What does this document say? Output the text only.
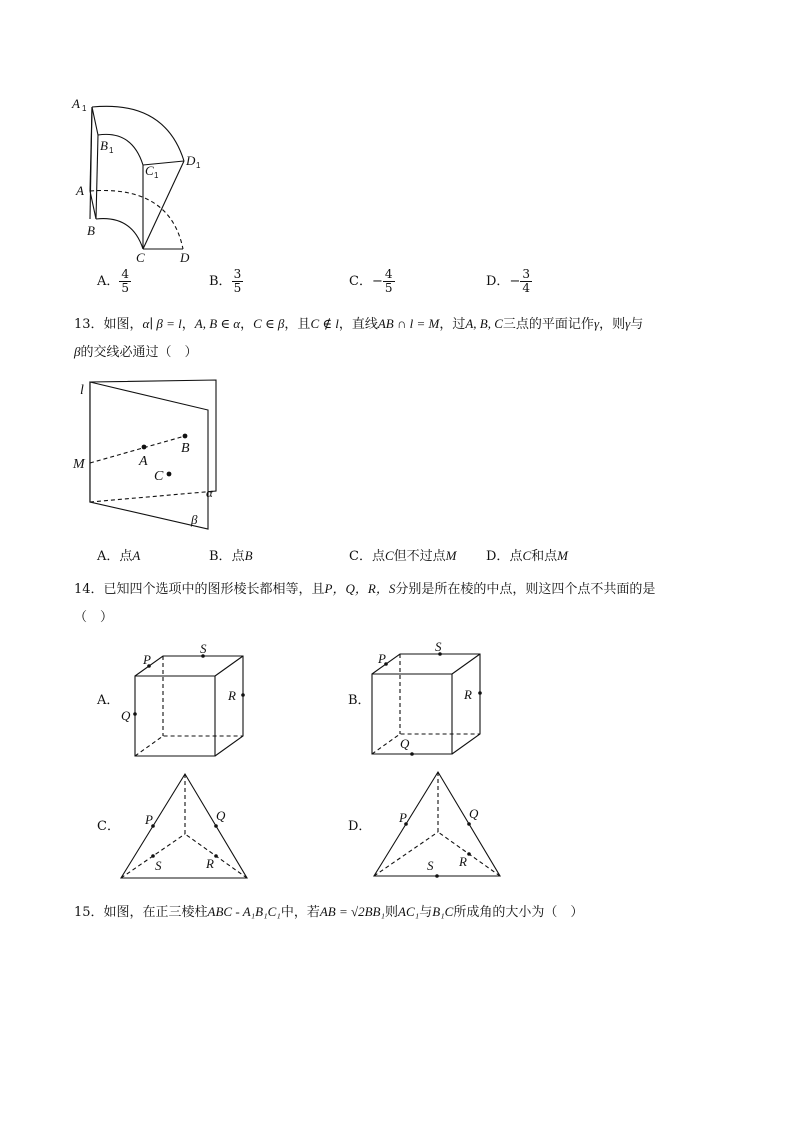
A 1
B 1
C 1
D 1
A
B
C	D
A． $\frac{4}{5}$	B． $\frac{3}{5}$	C．− $\frac{4}{5}$	D．− $\frac{3}{4}$
13．如图，α∣ β = l，A, B ∈ α，C ∈ β，且C ∉ l，直线AB ∩ l = M，过A, B, C三点的平面记作γ，则γ与
β的交线必通过（　）
l
M	A
B
C
α
β
A．点A	B．点B	C．点C但不过点M D．点C和点M
14．已知四个选项中的图形棱长都相等，且P，Q，R，S分别是所在棱的中点，则这四个点不共面的是
（　）
A．
P
S
R
Q
B．
P
S
R
Q
C． P	Q
S	R
D．
P	Q
S R
15．如图，在正三棱柱ABC - A₁B₁C₁中，若AB = √2BB₁则AC₁与B₁C所成角的大小为（　）
